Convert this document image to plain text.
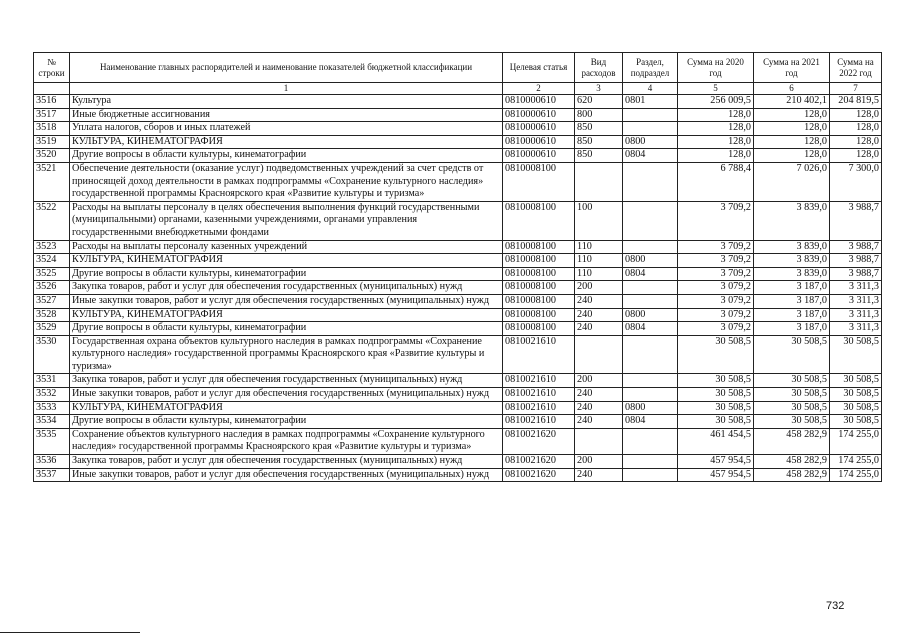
№ строки	Наименование главных распорядителей и наименование показателей бюджетной классификации	Целевая статья	Вид расходов	Раздел, подраздел	Сумма на 2020 год	Сумма на 2021 год	Сумма на 2022 год
	1	2	3	4	5	6	7
3516	Культура	0810000610	620	0801	256 009,5	210 402,1	204 819,5
3517	Иные бюджетные ассигнования	0810000610	800		128,0	128,0	128,0
3518	Уплата налогов, сборов и иных платежей	0810000610	850		128,0	128,0	128,0
3519	КУЛЬТУРА, КИНЕМАТОГРАФИЯ	0810000610	850	0800	128,0	128,0	128,0
3520	Другие вопросы в области культуры, кинематографии	0810000610	850	0804	128,0	128,0	128,0
3521	Обеспечение деятельности (оказание услуг) подведомственных учреждений за счет средств от приносящей доход деятельности в рамках подпрограммы «Сохранение культурного наследия» государственной программы Красноярского края «Развитие культуры и туризма»	0810008100			6 788,4	7 026,0	7 300,0
3522	Расходы на выплаты персоналу в целях обеспечения выполнения функций государственными (муниципальными) органами, казенными учреждениями, органами управления государственными внебюджетными фондами	0810008100	100		3 709,2	3 839,0	3 988,7
3523	Расходы на выплаты персоналу казенных учреждений	0810008100	110		3 709,2	3 839,0	3 988,7
3524	КУЛЬТУРА, КИНЕМАТОГРАФИЯ	0810008100	110	0800	3 709,2	3 839,0	3 988,7
3525	Другие вопросы в области культуры, кинематографии	0810008100	110	0804	3 709,2	3 839,0	3 988,7
3526	Закупка товаров, работ и услуг для обеспечения государственных (муниципальных) нужд	0810008100	200		3 079,2	3 187,0	3 311,3
3527	Иные закупки товаров, работ и услуг для обеспечения государственных (муниципальных) нужд	0810008100	240		3 079,2	3 187,0	3 311,3
3528	КУЛЬТУРА, КИНЕМАТОГРАФИЯ	0810008100	240	0800	3 079,2	3 187,0	3 311,3
3529	Другие вопросы в области культуры, кинематографии	0810008100	240	0804	3 079,2	3 187,0	3 311,3
3530	Государственная охрана объектов культурного наследия в рамках подпрограммы «Сохранение культурного наследия» государственной программы Красноярского края «Развитие культуры и туризма»	0810021610			30 508,5	30 508,5	30 508,5
3531	Закупка товаров, работ и услуг для обеспечения государственных (муниципальных) нужд	0810021610	200		30 508,5	30 508,5	30 508,5
3532	Иные закупки товаров, работ и услуг для обеспечения государственных (муниципальных) нужд	0810021610	240		30 508,5	30 508,5	30 508,5
3533	КУЛЬТУРА, КИНЕМАТОГРАФИЯ	0810021610	240	0800	30 508,5	30 508,5	30 508,5
3534	Другие вопросы в области культуры, кинематографии	0810021610	240	0804	30 508,5	30 508,5	30 508,5
3535	Сохранение объектов культурного наследия в рамках подпрограммы «Сохранение культурного наследия» государственной программы Красноярского края «Развитие культуры и туризма»	0810021620			461 454,5	458 282,9	174 255,0
3536	Закупка товаров, работ и услуг для обеспечения государственных (муниципальных) нужд	0810021620	200		457 954,5	458 282,9	174 255,0
3537	Иные закупки товаров, работ и услуг для обеспечения государственных (муниципальных) нужд	0810021620	240		457 954,5	458 282,9	174 255,0
732
